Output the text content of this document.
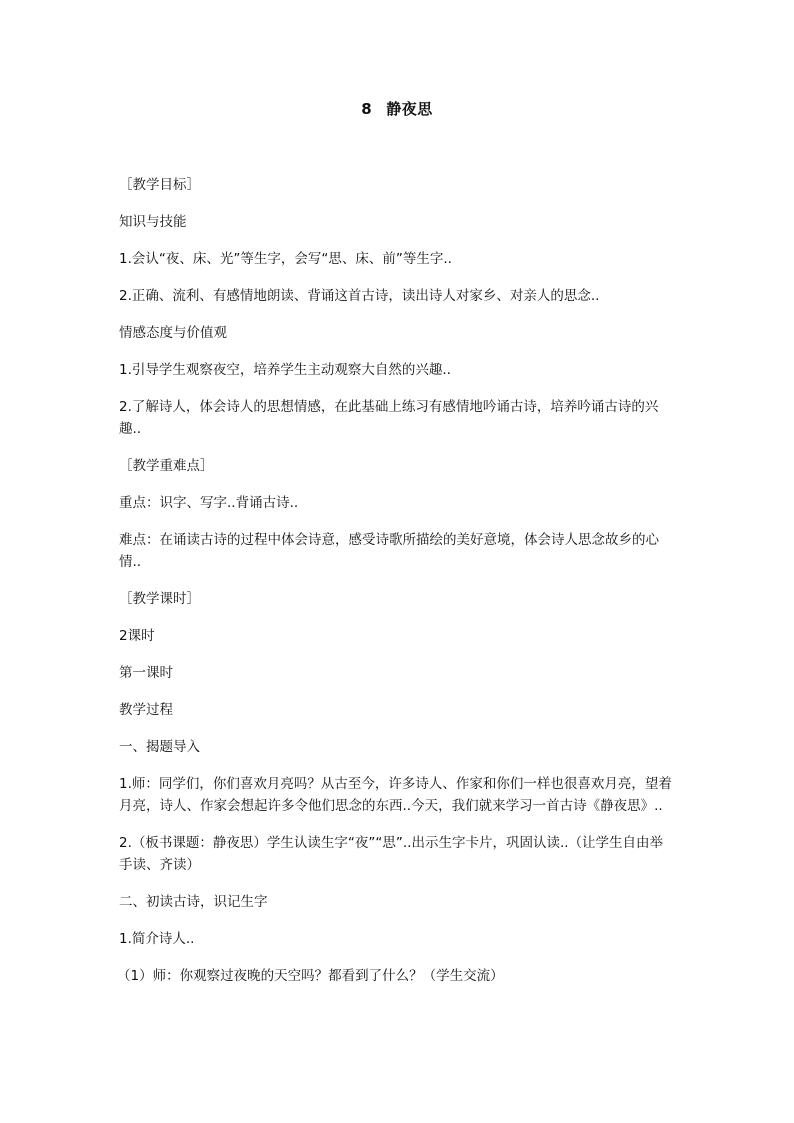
8 静夜思

［教学目标］

知识与技能

1.会认“夜、床、光”等生字，会写“思、床、前”等生字..

2.正确、流利、有感情地朗读、背诵这首古诗，读出诗人对家乡、对亲人的思念..

情感态度与价值观

1.引导学生观察夜空，培养学生主动观察大自然的兴趣..

2.了解诗人，体会诗人的思想情感，在此基础上练习有感情地吟诵古诗，培养吟诵古诗的兴趣..

［教学重难点］

重点：识字、写字..背诵古诗..

难点：在诵读古诗的过程中体会诗意，感受诗歌所描绘的美好意境，体会诗人思念故乡的心情..

［教学课时］

2课时

第一课时

教学过程

一、揭题导入

1.师：同学们，你们喜欢月亮吗？从古至今，许多诗人、作家和你们一样也很喜欢月亮，望着月亮，诗人、作家会想起许多令他们思念的东西..今天，我们就来学习一首古诗《静夜思》..

2.（板书课题：静夜思）学生认读生字“夜”“思”..出示生字卡片，巩固认读..（让学生自由举手读、齐读）

二、初读古诗，识记生字

1.简介诗人..

（1）师：你观察过夜晚的天空吗？都看到了什么？（学生交流）
